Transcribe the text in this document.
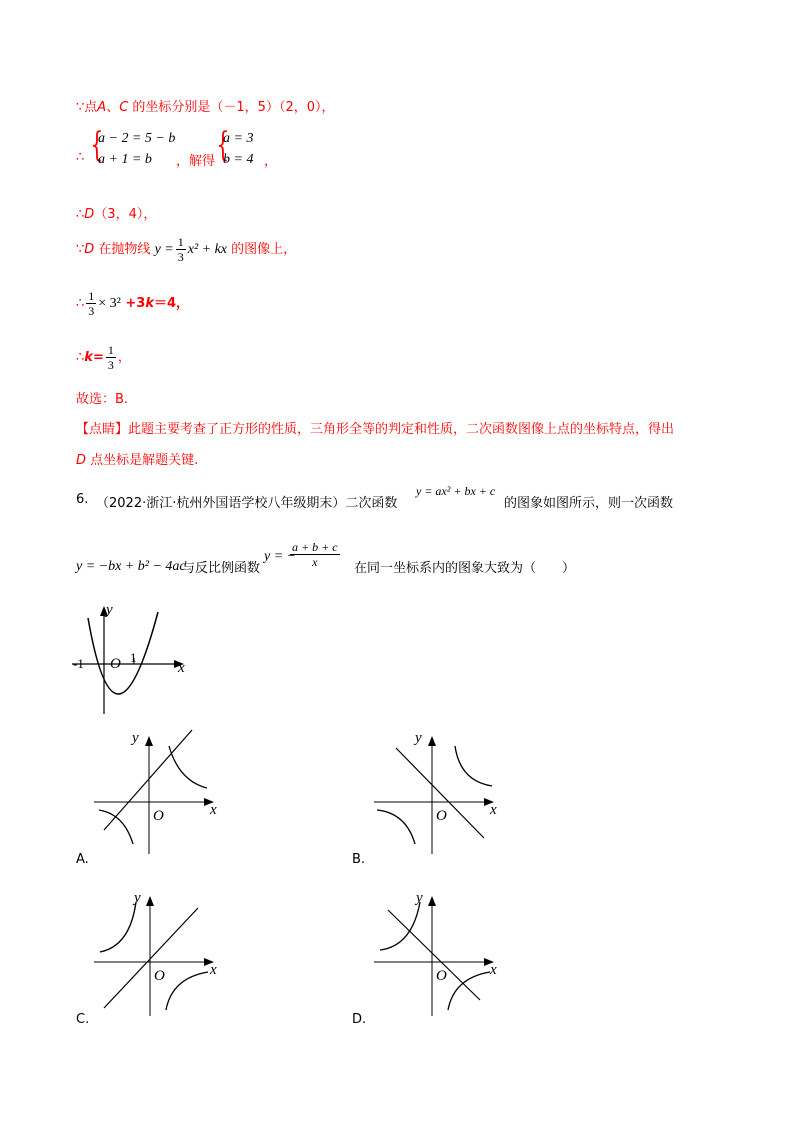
∵点A、C 的坐标分别是（－1，5）（2，0），
∴ {
a − 2 = 5 − b
a + 1 = b	，解得 {
a = 3
b = 4 ，
∴D（3，4），
∵D 在抛物线 $y = \frac{1}{3} x^2$ + kx 的图像上，
∴ $\frac{1}{3} \times 3^2 +3k=4$，
∴k= $\frac{1}{3}$ ，
故选：B.
【点睛】此题主要考查了正方形的性质，三角形全等的判定和性质，二次函数图像上点的坐标特点，得出
D 点坐标是解题关键.
6. （2022·浙江·杭州外国语学校八年级期末）二次函数
y = ax² + bx + c
的图象如图所示，则一次函数
y = −bx + b² − 4ac
与反比例函数
y = −
$\frac{a + b + c}{x}$
在同一坐标系内的图象大致为（　　）
y
x
O
-1	1
y
x
O
A.
y
x
O
B.
y
x
O
C.
y
x
O
D.
